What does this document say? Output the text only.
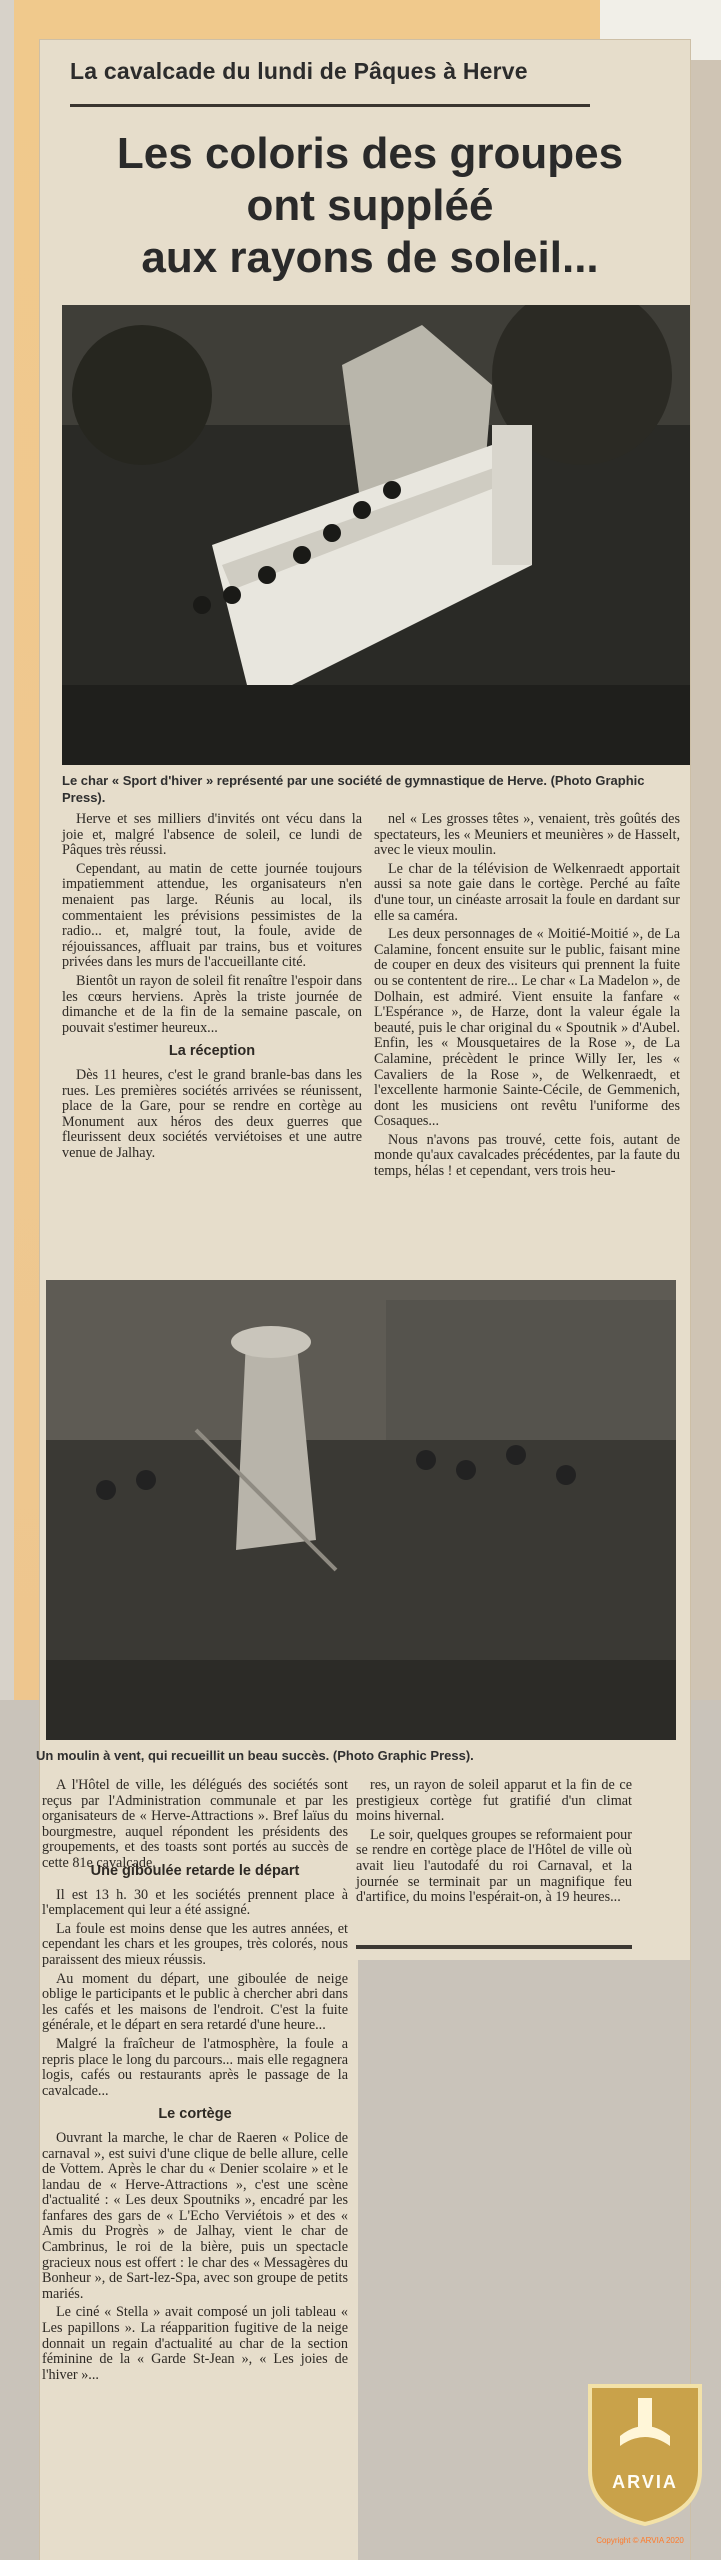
La cavalcade du lundi de Pâques à Herve
Les coloris des groupes
ont suppléé
aux rayons de soleil...
Le char « Sport d'hiver » représenté par une société de gymnastique de Herve. (Photo Graphic Press).

Herve et ses milliers d'invités ont vécu dans la joie et, malgré l'absence de soleil, ce lundi de Pâques très réussi.

Cependant, au matin de cette journée toujours impatiemment attendue, les organisateurs n'en menaient pas large. Réunis au local, ils commentaient les prévisions pessimistes de la radio... et, malgré tout, la foule, avide de réjouissances, affluait par trains, bus et voitures privées dans les murs de l'accueillante cité.

Bientôt un rayon de soleil fit renaître l'espoir dans les cœurs herviens. Après la triste journée de dimanche et de la fin de la semaine pascale, on pouvait s'estimer heureux...

La réception

Dès 11 heures, c'est le grand branle-bas dans les rues. Les premières sociétés arrivées se réunissent, place de la Gare, pour se rendre en cortège au Monument aux héros des deux guerres que fleurissent deux sociétés verviétoises et une autre venue de Jalhay.

nel « Les grosses têtes », venaient, très goûtés des spectateurs, les « Meuniers et meunières » de Hasselt, avec le vieux moulin.

Le char de la télévision de Welkenraedt apportait aussi sa note gaie dans le cortège. Perché au faîte d'une tour, un cinéaste arrosait la foule en dardant sur elle sa caméra.

Les deux personnages de « Moitié-Moitié », de La Calamine, foncent ensuite sur le public, faisant mine de couper en deux des visiteurs qui prennent la fuite ou se contentent de rire... Le char « La Madelon », de Dolhain, est admiré. Vient ensuite la fanfare « L'Espérance », de Harze, dont la valeur égale la beauté, puis le char original du « Spoutnik » d'Aubel. Enfin, les « Mousquetaires de la Rose », de La Calamine, précèdent le prince Willy Ier, les « Cavaliers de la Rose », de Welkenraedt, et l'excellente harmonie Sainte-Cécile, de Gemmenich, dont les musiciens ont revêtu l'uniforme des Cosaques...

Nous n'avons pas trouvé, cette fois, autant de monde qu'aux cavalcades précédentes, par la faute du temps, hélas ! et cependant, vers trois heu-

Un moulin à vent, qui recueillit un beau succès. (Photo Graphic Press).

A l'Hôtel de ville, les délégués des sociétés sont reçus par l'Administration communale et par les organisateurs de « Herve-Attractions ». Bref laïus du bourgmestre, auquel répondent les présidents des groupements, et des toasts sont portés au succès de cette 81e cavalcade.

res, un rayon de soleil apparut et la fin de ce prestigieux cortège fut gratifié d'un climat moins hivernal.

Le soir, quelques groupes se reformaient pour se rendre en cortège place de l'Hôtel de ville où avait lieu l'autodafé du roi Carnaval, et la journée se terminait par un magnifique feu d'artifice, du moins l'espérait-on, à 19 heures...

Une giboulée retarde le départ

Il est 13 h. 30 et les sociétés prennent place à l'emplacement qui leur a été assigné.

La foule est moins dense que les autres années, et cependant les chars et les groupes, très colorés, nous paraissent des mieux réussis.

Au moment du départ, une giboulée de neige oblige le participants et le public à chercher abri dans les cafés et les maisons de l'endroit. C'est la fuite générale, et le départ en sera retardé d'une heure...

Malgré la fraîcheur de l'atmosphère, la foule a repris place le long du parcours... mais elle regagnera logis, cafés ou restaurants après le passage de la cavalcade...

Le cortège

Ouvrant la marche, le char de Raeren « Police de carnaval », est suivi d'une clique de belle allure, celle de Vottem. Après le char du « Denier scolaire » et le landau de « Herve-Attractions », c'est une scène d'actualité : « Les deux Spoutniks », encadré par les fanfares des gars de « L'Echo Verviétois » et des « Amis du Progrès » de Jalhay, vient le char de Cambrinus, le roi de la bière, puis un spectacle gracieux nous est offert : le char des « Messagères du Bonheur », de Sart-lez-Spa, avec son groupe de petits mariés.

Le ciné « Stella » avait composé un joli tableau « Les papillons ». La réapparition fugitive de la neige donnait un regain d'actualité au char de la section féminine de la « Garde St-Jean », « Les joies de l'hiver »...

ARVIA
Copyright © ARVIA 2020
